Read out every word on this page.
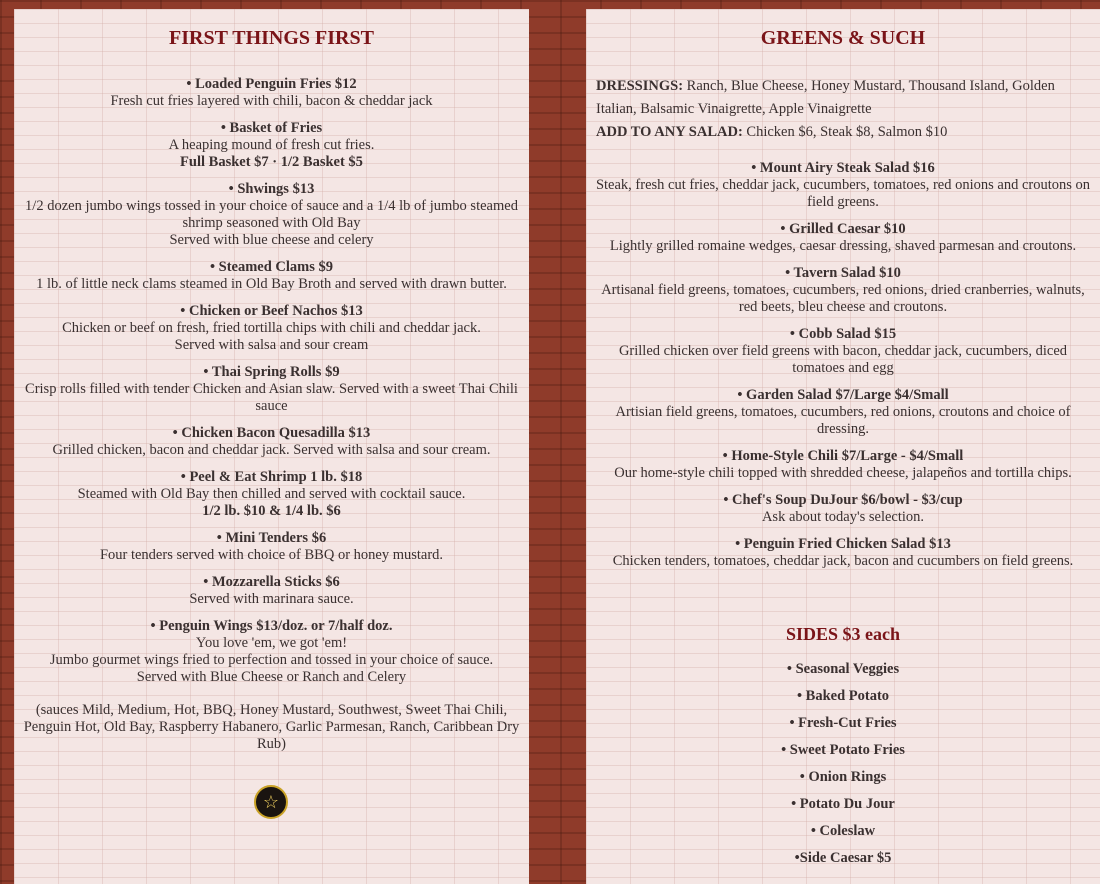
FIRST THINGS FIRST
• Loaded Penguin Fries $12
Fresh cut fries layered with chili, bacon & cheddar jack
• Basket of Fries
A heaping mound of fresh cut fries.
Full Basket $7 · 1/2 Basket $5
• Shwings $13
1/2 dozen jumbo wings tossed in your choice of sauce and a 1/4 lb of jumbo steamed shrimp seasoned with Old Bay
Served with blue cheese and celery
• Steamed Clams $9
1 lb. of little neck clams steamed in Old Bay Broth and served with drawn butter.
• Chicken or Beef Nachos $13
Chicken or beef on fresh, fried tortilla chips with chili and cheddar jack.
Served with salsa and sour cream
• Thai Spring Rolls $9
Crisp rolls filled with tender Chicken and Asian slaw. Served with a sweet Thai Chili sauce
• Chicken Bacon Quesadilla $13
Grilled chicken, bacon and cheddar jack. Served with salsa and sour cream.
• Peel & Eat Shrimp 1 lb. $18
Steamed with Old Bay then chilled and served with cocktail sauce.
1/2 lb. $10 & 1/4 lb. $6
• Mini Tenders $6
Four tenders served with choice of BBQ or honey mustard.
• Mozzarella Sticks $6
Served with marinara sauce.
• Penguin Wings $13/doz. or 7/half doz.
You love 'em, we got 'em!
Jumbo gourmet wings fried to perfection and tossed in your choice of sauce.
Served with Blue Cheese or Ranch and Celery
(sauces Mild, Medium, Hot, BBQ, Honey Mustard, Southwest, Sweet Thai Chili, Penguin Hot, Old Bay, Raspberry Habanero, Garlic Parmesan, Ranch, Caribbean Dry Rub)
☆
GREENS & SUCH
DRESSINGS: Ranch, Blue Cheese, Honey Mustard, Thousand Island, Golden Italian, Balsamic Vinaigrette, Apple Vinaigrette
ADD TO ANY SALAD: Chicken $6, Steak $8, Salmon $10
• Mount Airy Steak Salad $16
Steak, fresh cut fries, cheddar jack, cucumbers, tomatoes, red onions and croutons on field greens.
• Grilled Caesar $10
Lightly grilled romaine wedges, caesar dressing, shaved parmesan and croutons.
• Tavern Salad $10
Artisanal field greens, tomatoes, cucumbers, red onions, dried cranberries, walnuts, red beets, bleu cheese and croutons.
• Cobb Salad $15
Grilled chicken over field greens with bacon, cheddar jack, cucumbers, diced tomatoes and egg
• Garden Salad $7/Large $4/Small
Artisian field greens, tomatoes, cucumbers, red onions, croutons and choice of dressing.
• Home-Style Chili $7/Large - $4/Small
Our home-style chili topped with shredded cheese, jalapeños and tortilla chips.
• Chef's Soup DuJour $6/bowl - $3/cup
Ask about today's selection.
• Penguin Fried Chicken Salad $13
Chicken tenders, tomatoes, cheddar jack, bacon and cucumbers on field greens.
SIDES $3 each
• Seasonal Veggies
• Baked Potato
• Fresh-Cut Fries
• Sweet Potato Fries
• Onion Rings
• Potato Du Jour
• Coleslaw
•Side Caesar $5
